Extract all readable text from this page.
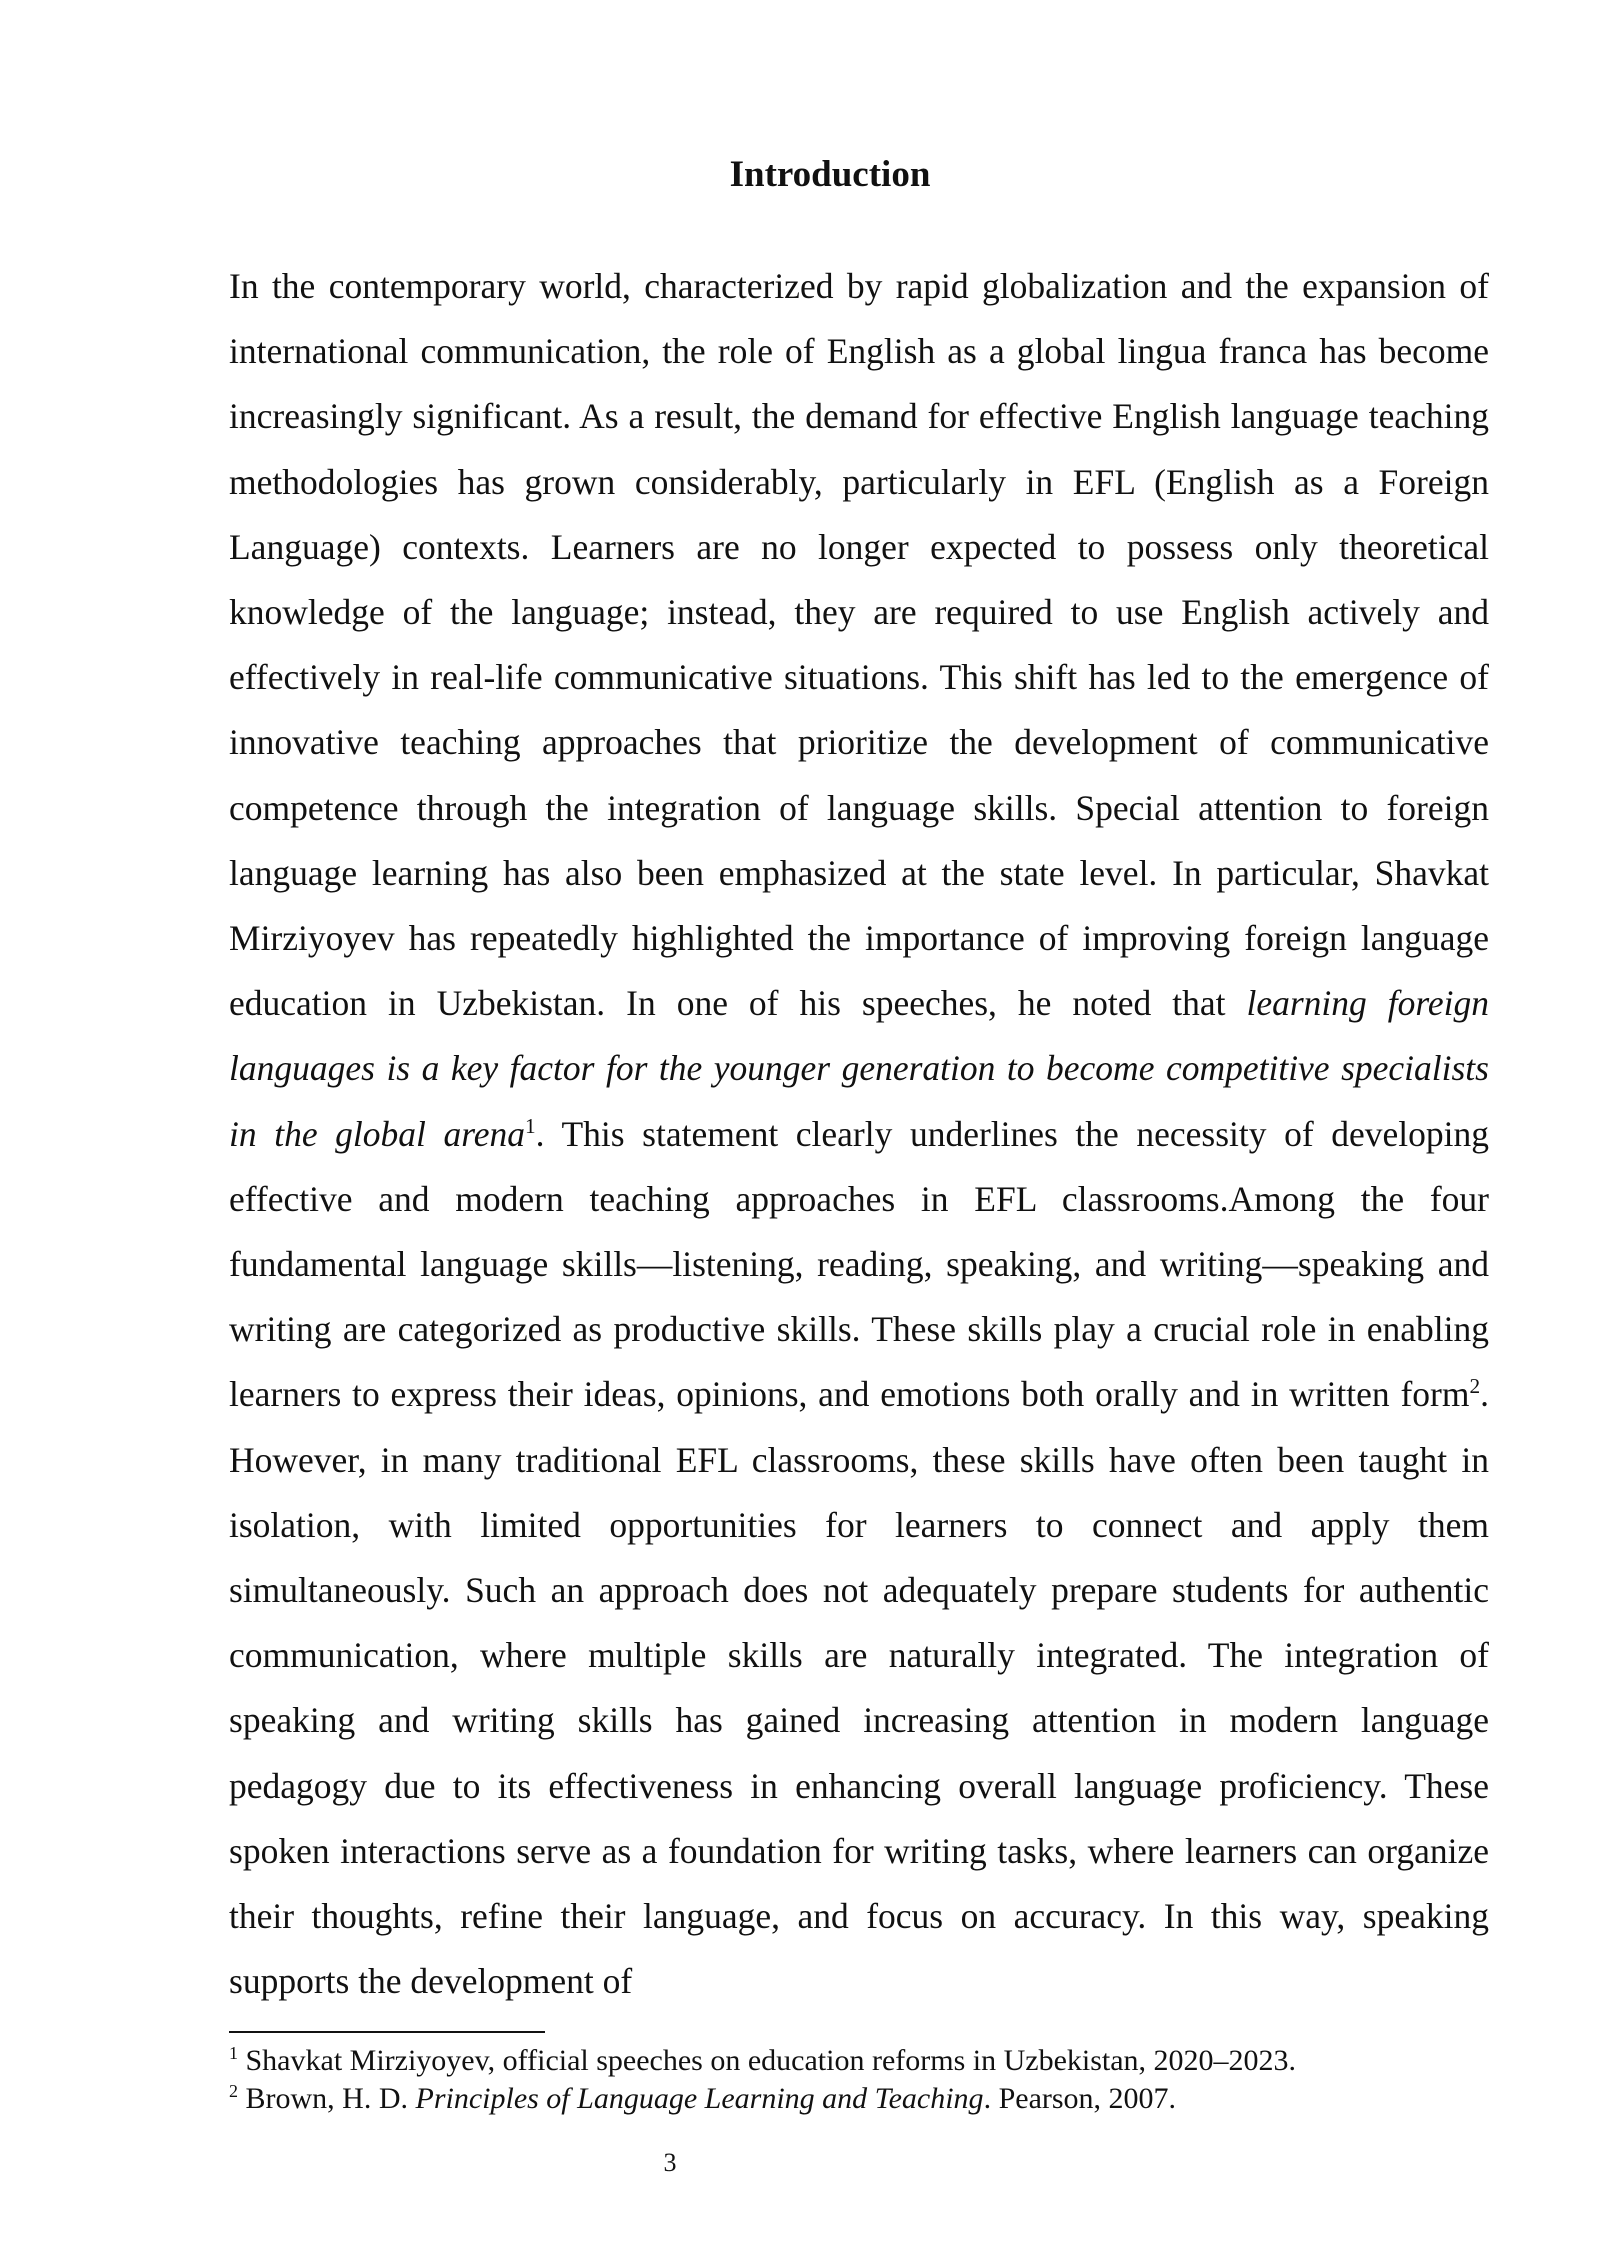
Introduction

In the contemporary world, characterized by rapid globalization and the expansion of international communication, the role of English as a global lingua franca has become increasingly significant. As a result, the demand for effective English language teaching methodologies has grown considerably, particularly in EFL (English as a Foreign Language) contexts. Learners are no longer expected to possess only theoretical knowledge of the language; instead, they are required to use English actively and effectively in real-life communicative situations. This shift has led to the emergence of innovative teaching approaches that prioritize the development of communicative competence through the integration of language skills. Special attention to foreign language learning has also been emphasized at the state level. In particular, Shavkat Mirziyoyev has repeatedly highlighted the importance of improving foreign language education in Uzbekistan. In one of his speeches, he noted that learning foreign languages is a key factor for the younger generation to become competitive specialists in the global arena$^1$. This statement clearly underlines the necessity of developing effective and modern teaching approaches in EFL classrooms.Among the four fundamental language skills—listening, reading, speaking, and writing—speaking and writing are categorized as productive skills. These skills play a crucial role in enabling learners to express their ideas, opinions, and emotions both orally and in written form$^2$. However, in many traditional EFL classrooms, these skills have often been taught in isolation, with limited opportunities for learners to connect and apply them simultaneously. Such an approach does not adequately prepare students for authentic communication, where multiple skills are naturally integrated. The integration of speaking and writing skills has gained increasing attention in modern language pedagogy due to its effectiveness in enhancing overall language proficiency. These spoken interactions serve as a foundation for writing tasks, where learners can organize their thoughts, refine their language, and focus on accuracy. In this way, speaking supports the development of

$^1$ Shavkat Mirziyoyev, official speeches on education reforms in Uzbekistan, 2020–2023.

$^2$ Brown, H. D. Principles of Language Learning and Teaching. Pearson, 2007.

3
